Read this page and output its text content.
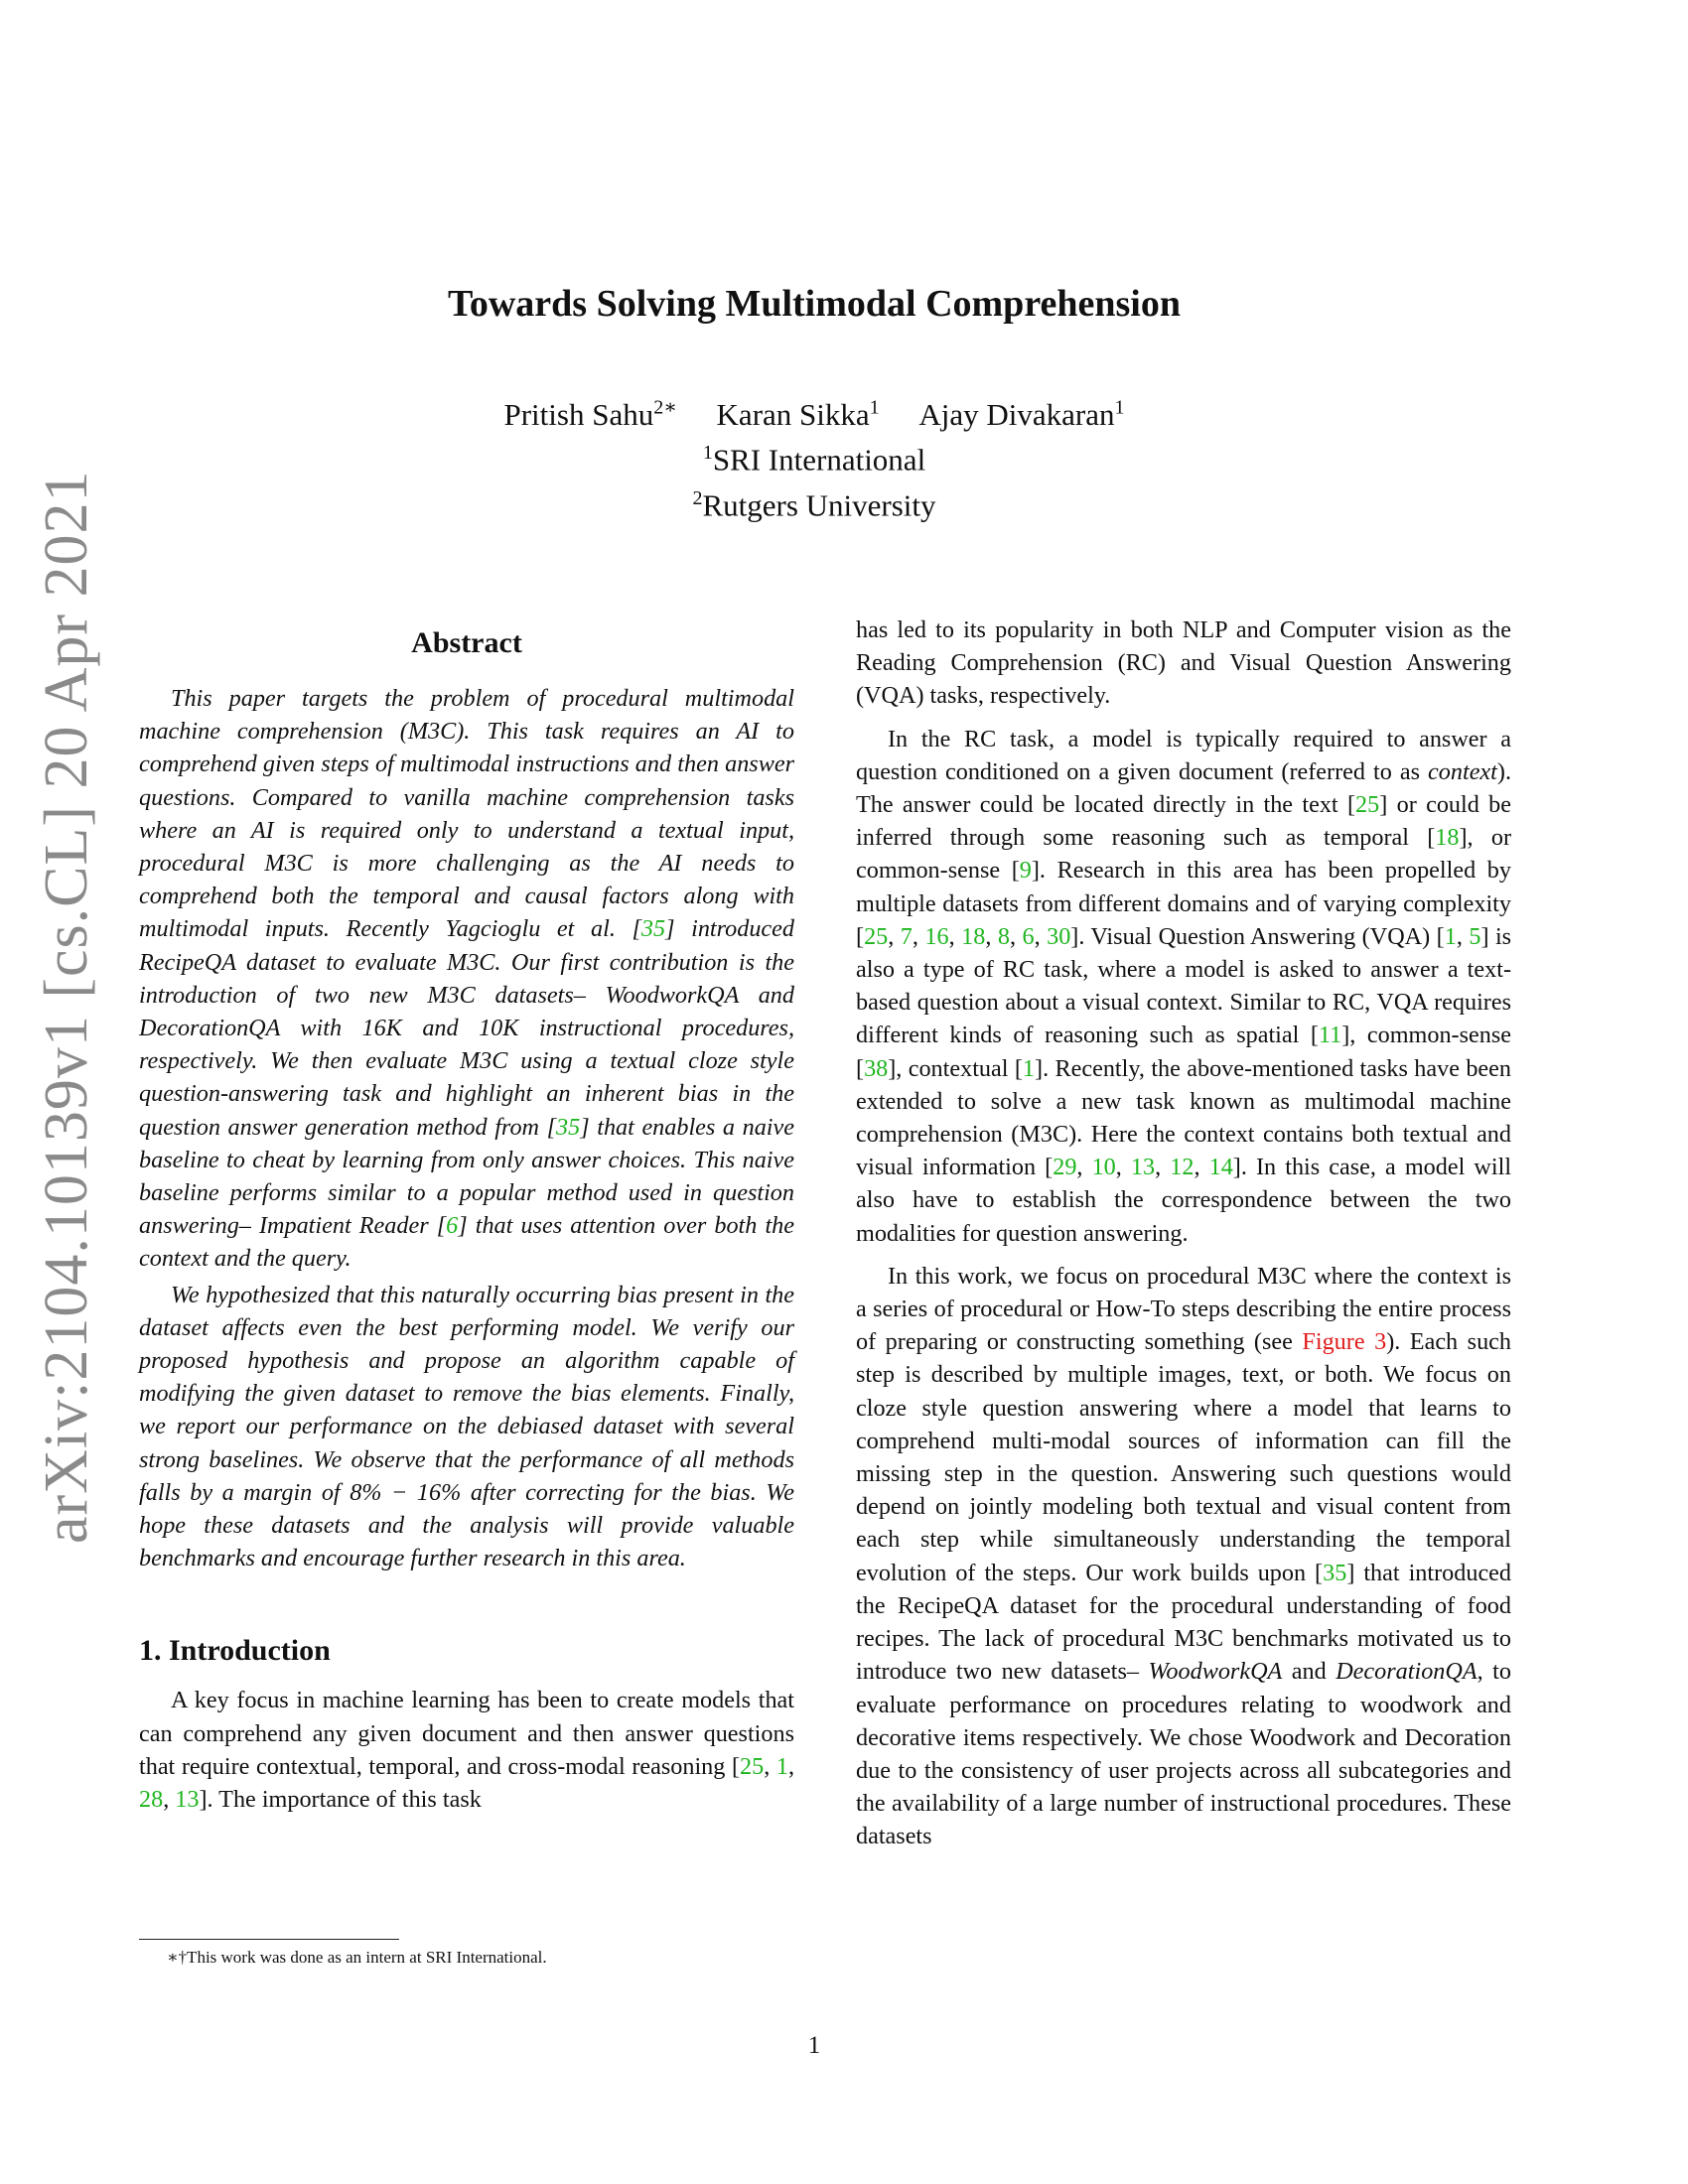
arXiv:2104.10139v1 [cs.CL] 20 Apr 2021
Towards Solving Multimodal Comprehension
Pritish Sahu$^{2∗}$ Karan Sikka$^1$ Ajay Divakaran$^1$
$^1$SRI International
$^2$Rutgers University
Abstract

This paper targets the problem of procedural multimodal machine comprehension (M3C). This task requires an AI to comprehend given steps of multimodal instructions and then answer questions. Compared to vanilla machine comprehension tasks where an AI is required only to understand a textual input, procedural M3C is more challenging as the AI needs to comprehend both the temporal and causal factors along with multimodal inputs. Recently Yagcioglu et al. [35] introduced RecipeQA dataset to evaluate M3C. Our first contribution is the introduction of two new M3C datasets– WoodworkQA and DecorationQA with 16K and 10K instructional procedures, respectively. We then evaluate M3C using a textual cloze style question-answering task and highlight an inherent bias in the question answer generation method from [35] that enables a naive baseline to cheat by learning from only answer choices. This naive baseline performs similar to a popular method used in question answering– Impatient Reader [6] that uses attention over both the context and the query.

We hypothesized that this naturally occurring bias present in the dataset affects even the best performing model. We verify our proposed hypothesis and propose an algorithm capable of modifying the given dataset to remove the bias elements. Finally, we report our performance on the debiased dataset with several strong baselines. We observe that the performance of all methods falls by a margin of 8% − 16% after correcting for the bias. We hope these datasets and the analysis will provide valuable benchmarks and encourage further research in this area.

1. Introduction

A key focus in machine learning has been to create models that can comprehend any given document and then answer questions that require contextual, temporal, and cross-modal reasoning [25, 1, 28, 13]. The importance of this task

has led to its popularity in both NLP and Computer vision as the Reading Comprehension (RC) and Visual Question Answering (VQA) tasks, respectively.

In the RC task, a model is typically required to answer a question conditioned on a given document (referred to as context). The answer could be located directly in the text [25] or could be inferred through some reasoning such as temporal [18], or common-sense [9]. Research in this area has been propelled by multiple datasets from different domains and of varying complexity [25, 7, 16, 18, 8, 6, 30]. Visual Question Answering (VQA) [1, 5] is also a type of RC task, where a model is asked to answer a text-based question about a visual context. Similar to RC, VQA requires different kinds of reasoning such as spatial [11], common-sense [38], contextual [1]. Recently, the above-mentioned tasks have been extended to solve a new task known as multimodal machine comprehension (M3C). Here the context contains both textual and visual information [29, 10, 13, 12, 14]. In this case, a model will also have to establish the correspondence between the two modalities for question answering.

In this work, we focus on procedural M3C where the context is a series of procedural or How-To steps describing the entire process of preparing or constructing something (see Figure 3). Each such step is described by multiple images, text, or both. We focus on cloze style question answering where a model that learns to comprehend multi-modal sources of information can fill the missing step in the question. Answering such questions would depend on jointly modeling both textual and visual content from each step while simultaneously understanding the temporal evolution of the steps. Our work builds upon [35] that introduced the RecipeQA dataset for the procedural understanding of food recipes. The lack of procedural M3C benchmarks motivated us to introduce two new datasets– WoodworkQA and DecorationQA, to evaluate performance on procedures relating to woodwork and decorative items respectively. We chose Woodwork and Decoration due to the consistency of user projects across all subcategories and the availability of a large number of instructional procedures. These datasets

∗†This work was done as an intern at SRI International.
1
